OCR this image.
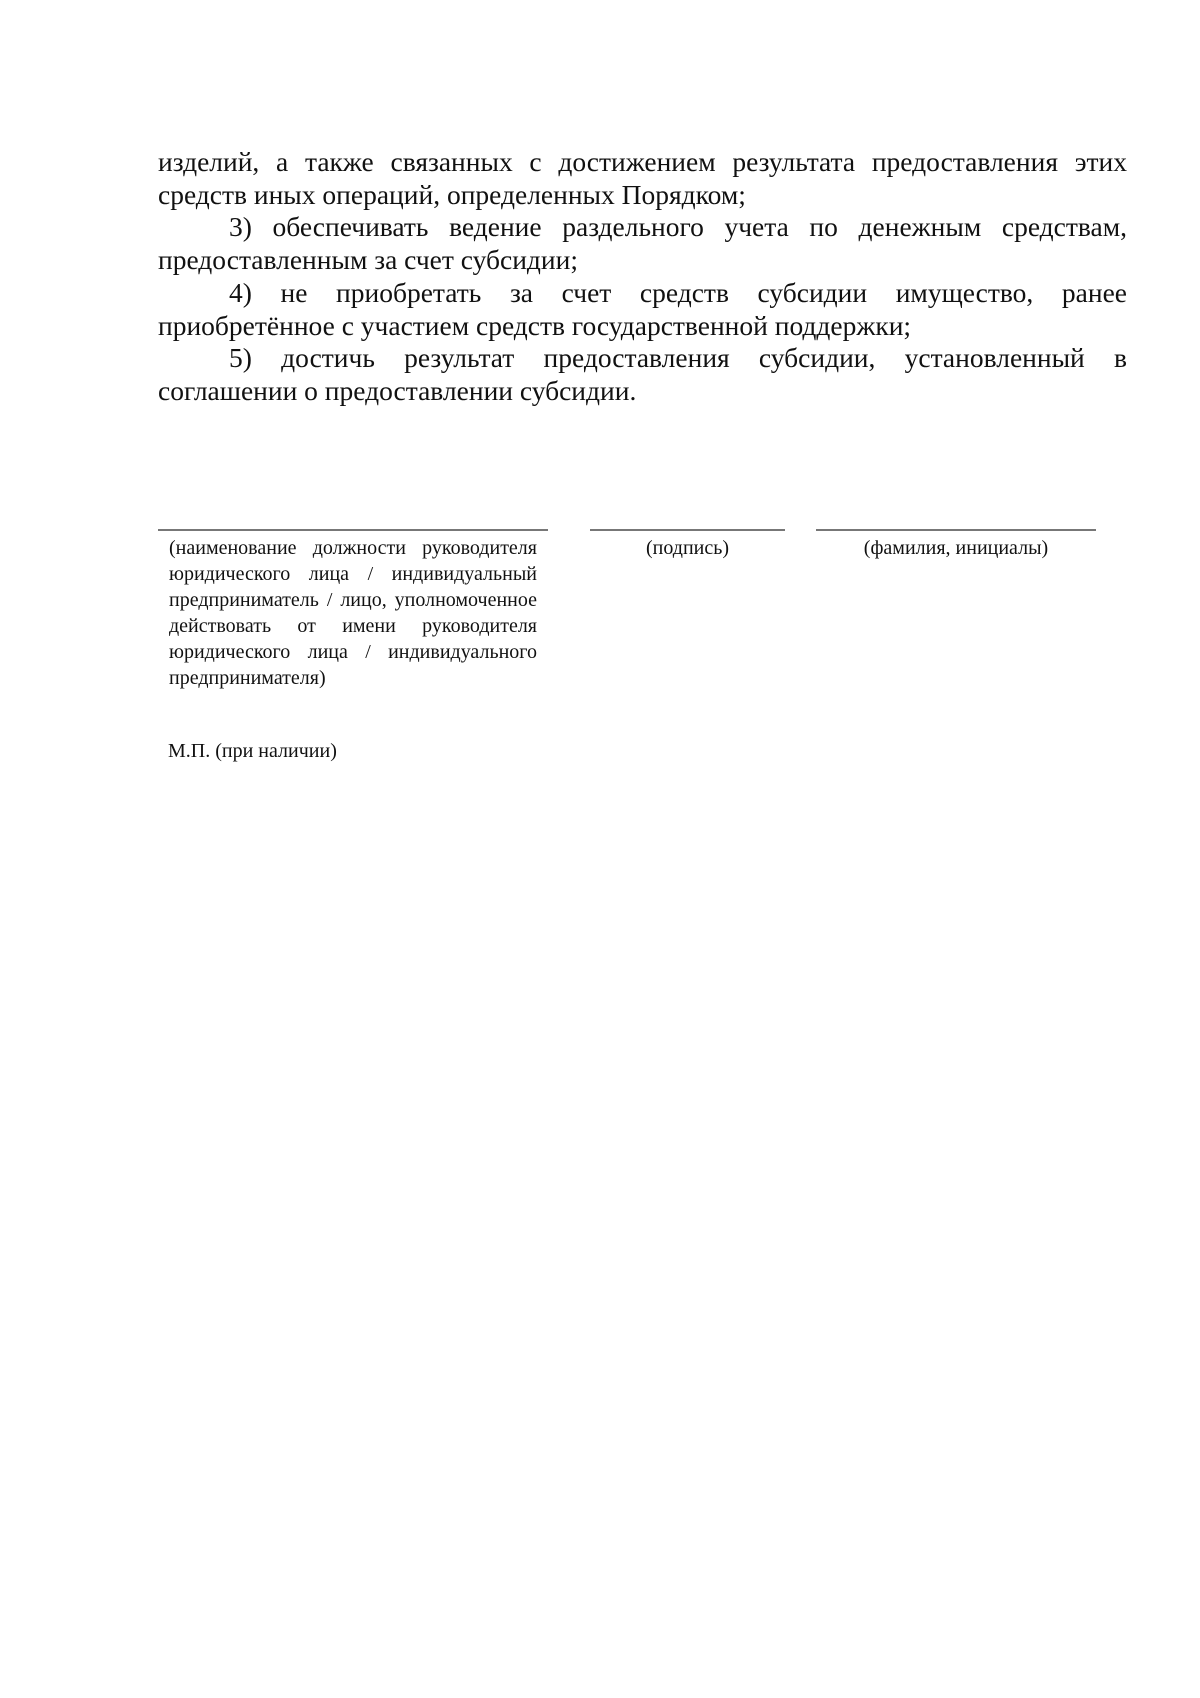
изделий, а также связанных с достижением результата предоставления этих средств иных операций, определенных Порядком;

3) обеспечивать ведение раздельного учета по денежным средствам, предоставленным за счет субсидии;

4) не приобретать за счет средств субсидии имущество, ранее приобретённое с участием средств государственной поддержки;

5) достичь результат предоставления субсидии, установленный в соглашении о предоставлении субсидии.

(наименование должности руководителя юридического лица / индивидуальный предприниматель / лицо, уполномоченное действовать от имени руководителя юридического лица / индивидуального предпринимателя)
(подпись)	(фамилия, инициалы)
М.П. (при наличии)
